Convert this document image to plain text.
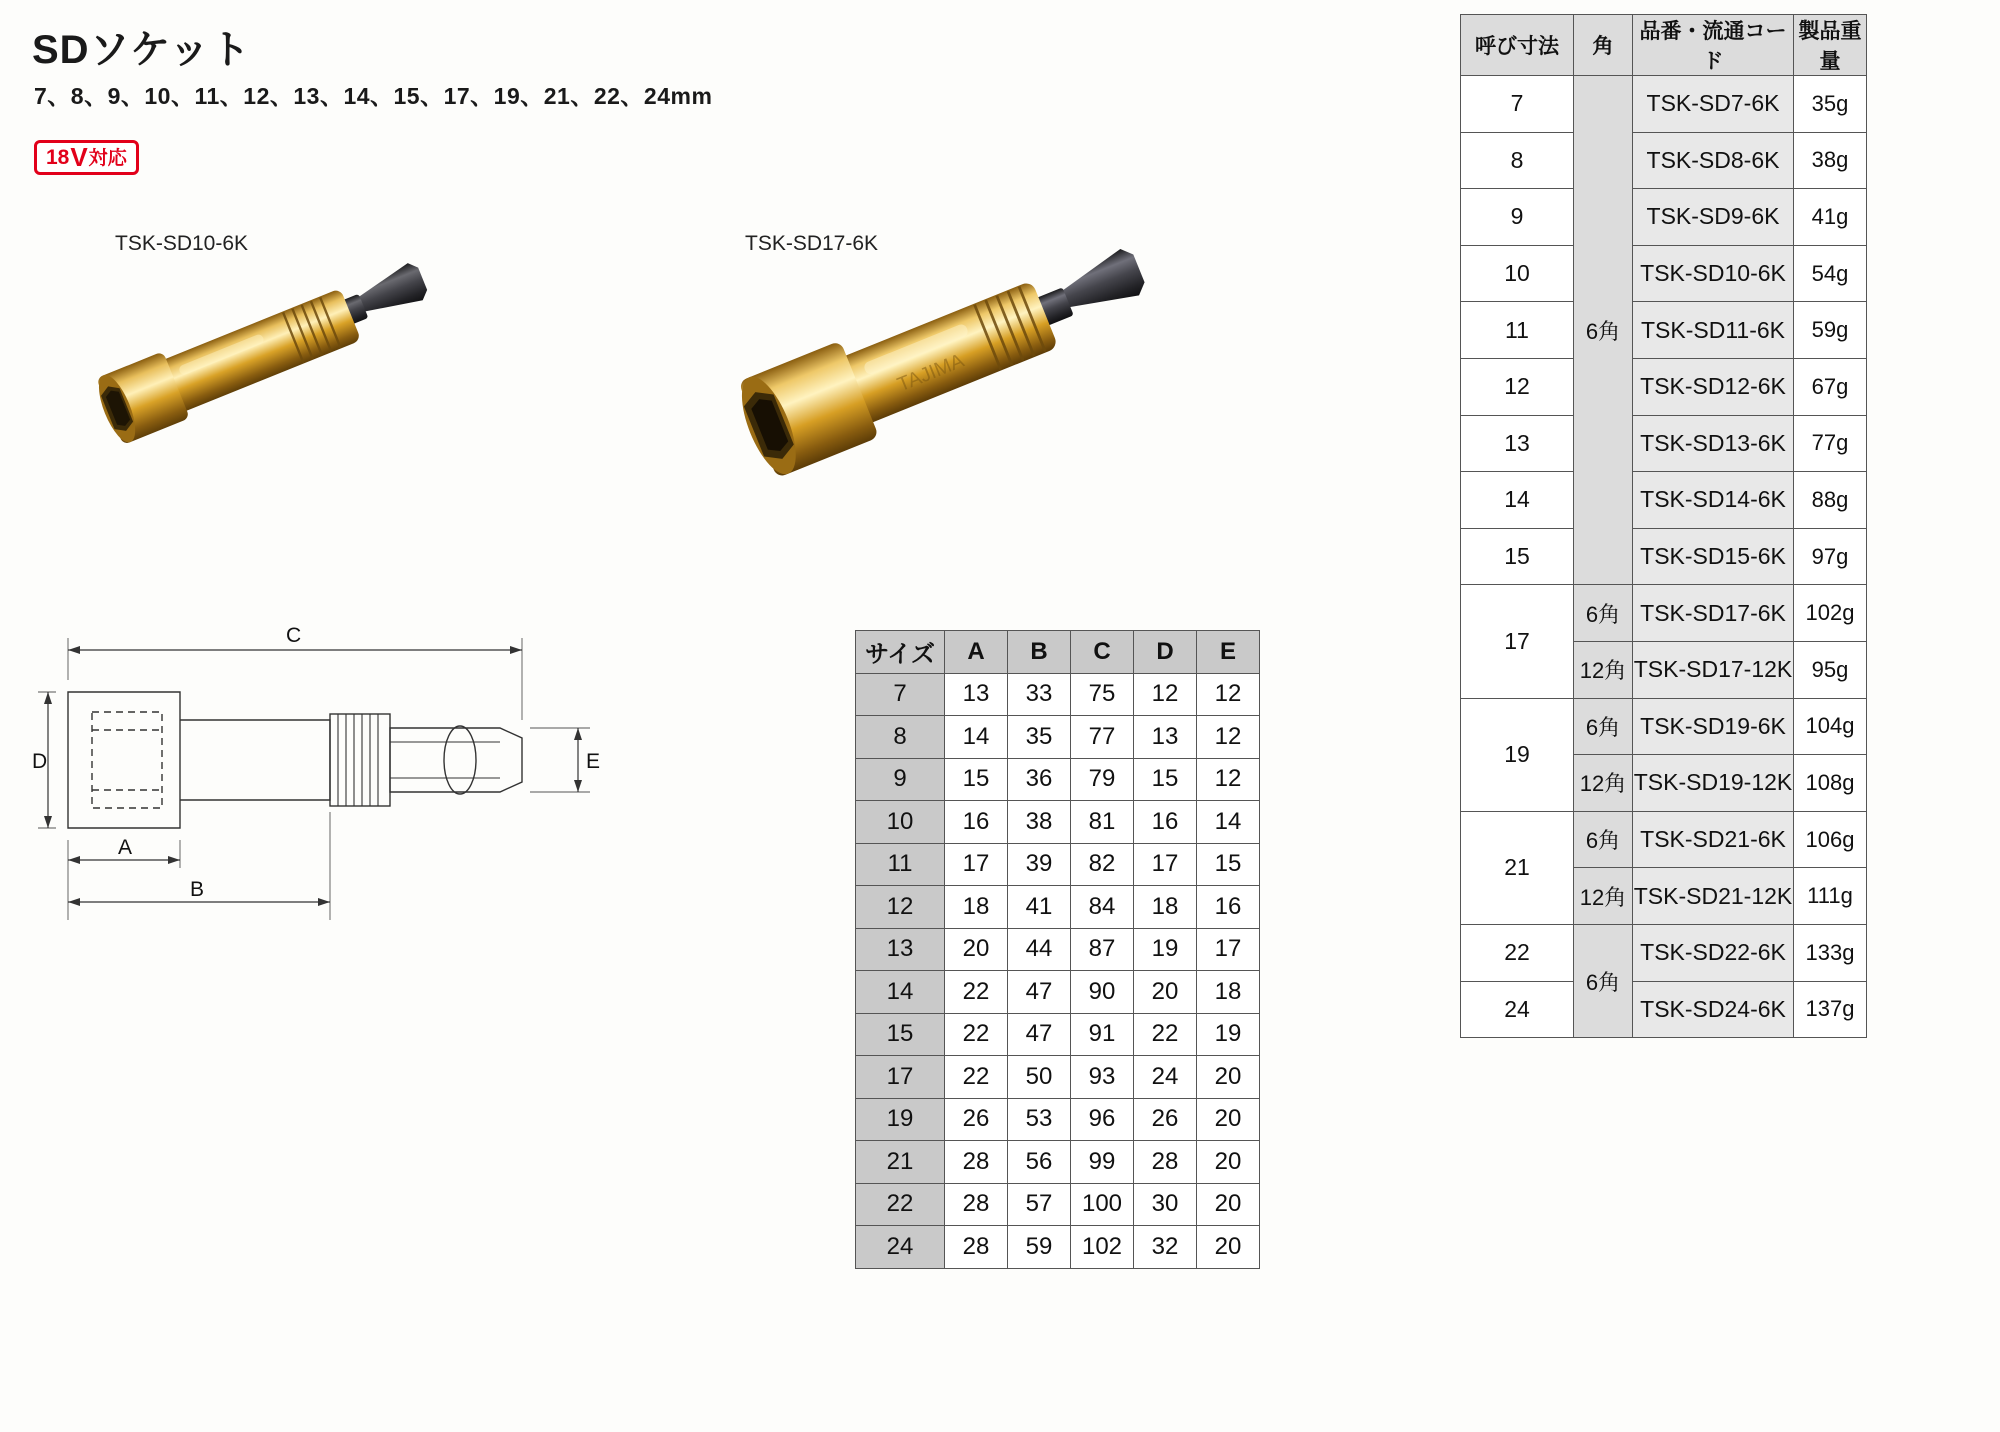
SDソケット
7、8、9、10、11、12、13、14、15、17、19、21、22、24mm
18 V 対応
TSK-SD10-6K	TSK-SD17-6K
TAJIMA
C
A
B
D	E
サイズ	A	B	C	D	E
7	13	33	75	12	12
8	14	35	77	13	12
9	15	36	79	15	12
10	16	38	81	16	14
11	17	39	82	17	15
12	18	41	84	18	16
13	20	44	87	19	17
14	22	47	90	20	18
15	22	47	91	22	19
17	22	50	93	24	20
19	26	53	96	26	20
21	28	56	99	28	20
22	28	57	100	30	20
24	28	59	102	32	20
呼び寸法	角	品番・流通コード	製品重量
7	6角	TSK-SD7-6K	35g
8		TSK-SD8-6K	38g
9		TSK-SD9-6K	41g
10		TSK-SD10-6K	54g
11		TSK-SD11-6K	59g
12		TSK-SD12-6K	67g
13		TSK-SD13-6K	77g
14		TSK-SD14-6K	88g
15		TSK-SD15-6K	97g
17	6角	TSK-SD17-6K	102g
	12角	TSK-SD17-12K	95g
19	6角	TSK-SD19-6K	104g
	12角	TSK-SD19-12K	108g
21	6角	TSK-SD21-6K	106g
	12角	TSK-SD21-12K	111g
22	6角	TSK-SD22-6K	133g
24		TSK-SD24-6K	137g
